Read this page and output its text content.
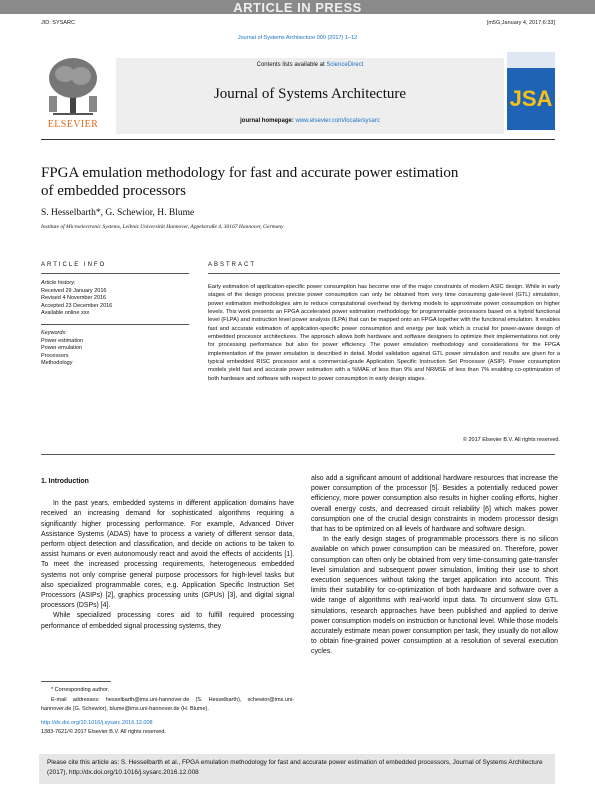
ARTICLE IN PRESS
JID: SYSARC	[m5G;January 4, 2017;6:33]
Journal of Systems Architecture 000 (2017) 1–12
ELSEVIER
Contents lists available at ScienceDirect
Journal of Systems Architecture
journal homepage: www.elsevier.com/locate/sysarc
JSA
FPGA emulation methodology for fast and accurate power estimation
of embedded processors
S. Hesselbarth*, G. Schewior, H. Blume
Institute of Microelectronic Systems, Leibniz Universität Hannover, Appelstraße 4, 30167 Hannover, Germany
ARTICLE INFO
Article history:
Received 29 January 2016
Revised 4 November 2016
Accepted 23 December 2016
Available online xxx
Keywords:
Power estimation
Power emulation
Processors
Methodology
ABSTRACT
Early estimation of application-specific power consumption has become one of the major constraints of modern ASIC design. While in early stages of the design process precise power consumption can only be obtained from very time consuming gate-level (GTL) simulation, power estimation methodologies aim to reduce computational overhead by deriving models to approximate power consumption on higher levels. This work presents an FPGA accelerated power estimation methodology for programmable processors based on a hybrid functional level (FLPA) and instruction level power analysis (ILPA) that can be mapped onto an FPGA together with the functional emulation. It enables fast and accurate estimation of application-specific power consumption and energy per task which is crucial for power-aware design of embedded processor architectures. The approach allows both hardware and software designers to optimize their implementations not only for processing performance but also for power efficiency. The power emulation methodology and considerations for the FPGA implementation of the power emulation is described in detail. Model validation against GTL power simulation and results are given for a typical embedded RISC processor and a commercial-grade Application Specific Instruction Set Processor (ASIP). Power consumption models yield fast and accurate power estimation with a %MAE of less than 9% and NRMSE of less than 7% enabling co-optimization of both hardware and software with respect to power consumption in early design stages.
© 2017 Elsevier B.V. All rights reserved.
1. Introduction

In the past years, embedded systems in different application domains have received an increasing demand for sophisticated algorithms requiring a significantly higher processing performance. For example, Advanced Driver Assistance Systems (ADAS) have to process a variety of different sensor data, perform object detection and classification, and decide on actions to be taken to assist humans or even autonomously react and avoid the effects of accidents [1]. To meet the increased processing requirements, heterogeneous embedded systems not only comprise general purpose processors for high-level tasks but also specialized programmable cores, e.g. Application Specific Instruction Set Processors (ASIPs) [2], graphics processing units (GPUs) [3], and digital signal processors (DSPs) [4].

While specialized processing cores aid to fulfill required processing performance of embedded signal processing systems, they

also add a significant amount of additional hardware resources that increase the power consumption of the processor [5]. Besides a potentially reduced power efficiency, more power consumption also results in higher cooling efforts, higher overall energy costs, and decreased circuit reliability [6] which makes power consumption one of the crucial design constraints in modern processor design that has to be optimized on all levels of hardware and software design.

In the early design stages of programmable processors there is no silicon available on which power consumption can be measured on. Therefore, power consumption can often only be obtained from very time-consuming gate-transfer level simulation and subsequent power simulation, limiting their use to short execution sequences without taking the target application into account. This limits their suitability for co-optimization of both hardware and software over a wide range of algorithms with real-world input data. To circumvent slow GTL simulations, research approaches have been published and applied to derive power consumption models on instruction or functional level. While those models accurately estimate mean power consumption per task, they usually do not allow to obtain fine-grained power consumption at a resolution of several execution cycles.

* Corresponding author.
E-mail addresses: hesselbarth@ims.uni-hannover.de (S. Hesselbarth), schewior@ims.uni-hannover.de (G. Schewior), blume@ims.uni-hannover.de (H. Blume).
http://dx.doi.org/10.1016/j.sysarc.2016.12.008
1383-7621/© 2017 Elsevier B.V. All rights reserved.
Please cite this article as: S. Hesselbarth et al., FPGA emulation methodology for fast and accurate power estimation of embedded processors, Journal of Systems Architecture (2017), http://dx.doi.org/10.1016/j.sysarc.2016.12.008
